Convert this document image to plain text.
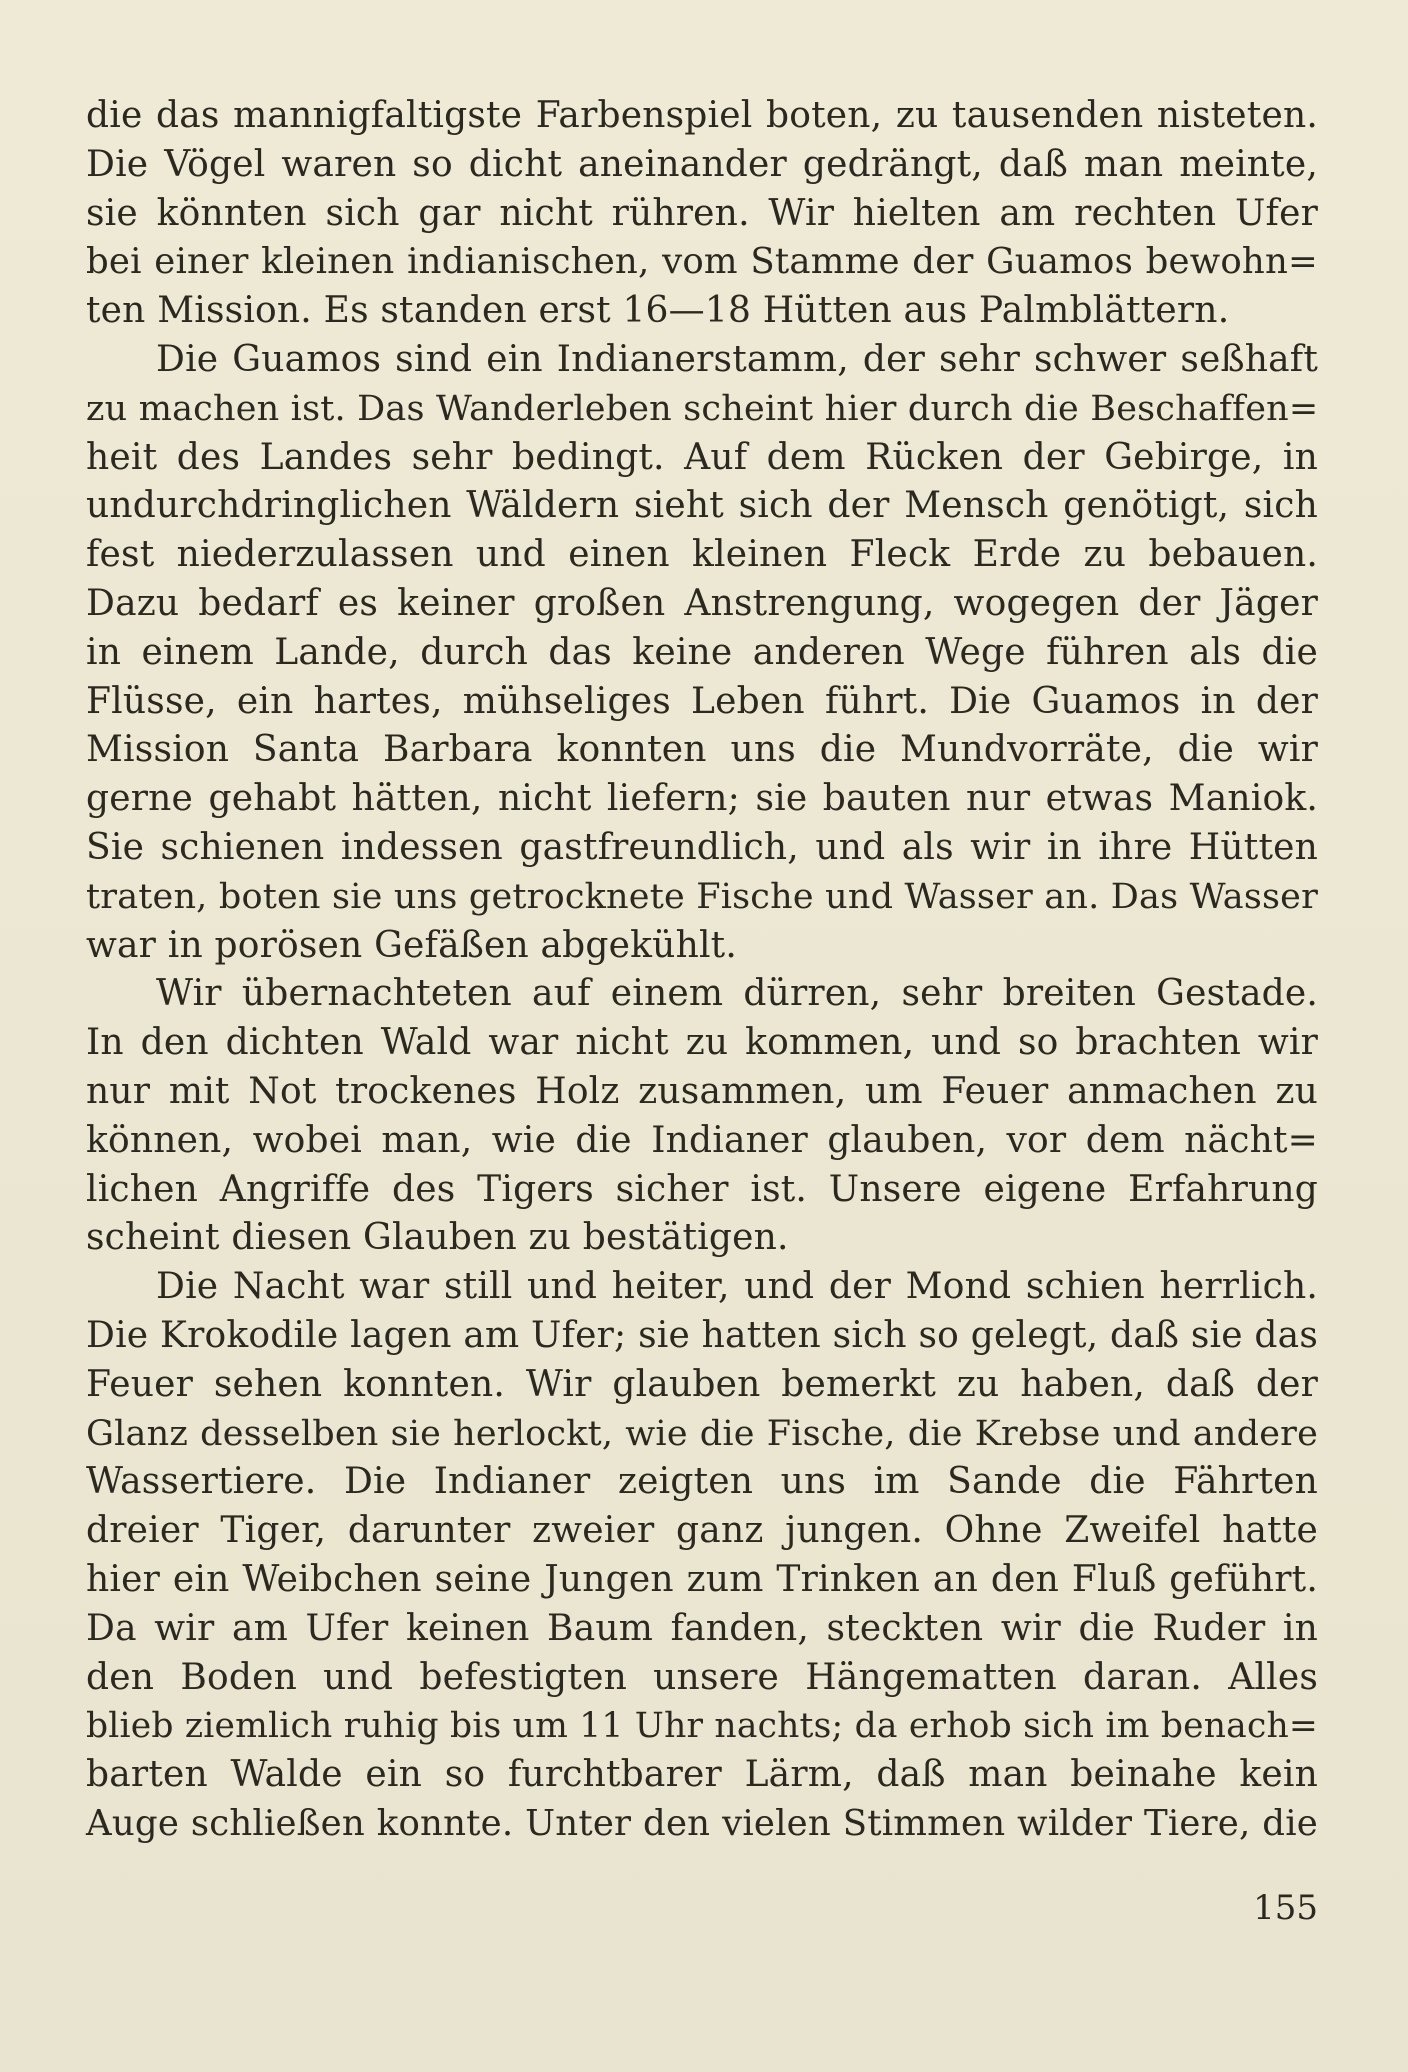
die das mannigfaltigste Farbenspiel boten, zu tausenden nisteten.
Die Vögel waren so dicht aneinander gedrängt, daß man meinte,
sie könnten sich gar nicht rühren. Wir hielten am rechten Ufer
bei einer kleinen indianischen, vom Stamme der Guamos bewohn=
ten Mission. Es standen erst 16—18 Hütten aus Palmblättern.
Die Guamos sind ein Indianerstamm, der sehr schwer seßhaft
zu machen ist. Das Wanderleben scheint hier durch die Beschaffen=
heit des Landes sehr bedingt. Auf dem Rücken der Gebirge, in
undurchdringlichen Wäldern sieht sich der Mensch genötigt, sich
fest niederzulassen und einen kleinen Fleck Erde zu bebauen.
Dazu bedarf es keiner großen Anstrengung, wogegen der Jäger
in einem Lande, durch das keine anderen Wege führen als die
Flüsse, ein hartes, mühseliges Leben führt. Die Guamos in der
Mission Santa Barbara konnten uns die Mundvorräte, die wir
gerne gehabt hätten, nicht liefern; sie bauten nur etwas Maniok.
Sie schienen indessen gastfreundlich, und als wir in ihre Hütten
traten, boten sie uns getrocknete Fische und Wasser an. Das Wasser
war in porösen Gefäßen abgekühlt.
Wir übernachteten auf einem dürren, sehr breiten Gestade.
In den dichten Wald war nicht zu kommen, und so brachten wir
nur mit Not trockenes Holz zusammen, um Feuer anmachen zu
können, wobei man, wie die Indianer glauben, vor dem nächt=
lichen Angriffe des Tigers sicher ist. Unsere eigene Erfahrung
scheint diesen Glauben zu bestätigen.
Die Nacht war still und heiter, und der Mond schien herrlich.
Die Krokodile lagen am Ufer; sie hatten sich so gelegt, daß sie das
Feuer sehen konnten. Wir glauben bemerkt zu haben, daß der
Glanz desselben sie herlockt, wie die Fische, die Krebse und andere
Wassertiere. Die Indianer zeigten uns im Sande die Fährten
dreier Tiger, darunter zweier ganz jungen. Ohne Zweifel hatte
hier ein Weibchen seine Jungen zum Trinken an den Fluß geführt.
Da wir am Ufer keinen Baum fanden, steckten wir die Ruder in
den Boden und befestigten unsere Hängematten daran. Alles
blieb ziemlich ruhig bis um 11 Uhr nachts; da erhob sich im benach=
barten Walde ein so furchtbarer Lärm, daß man beinahe kein
Auge schließen konnte. Unter den vielen Stimmen wilder Tiere, die
155
